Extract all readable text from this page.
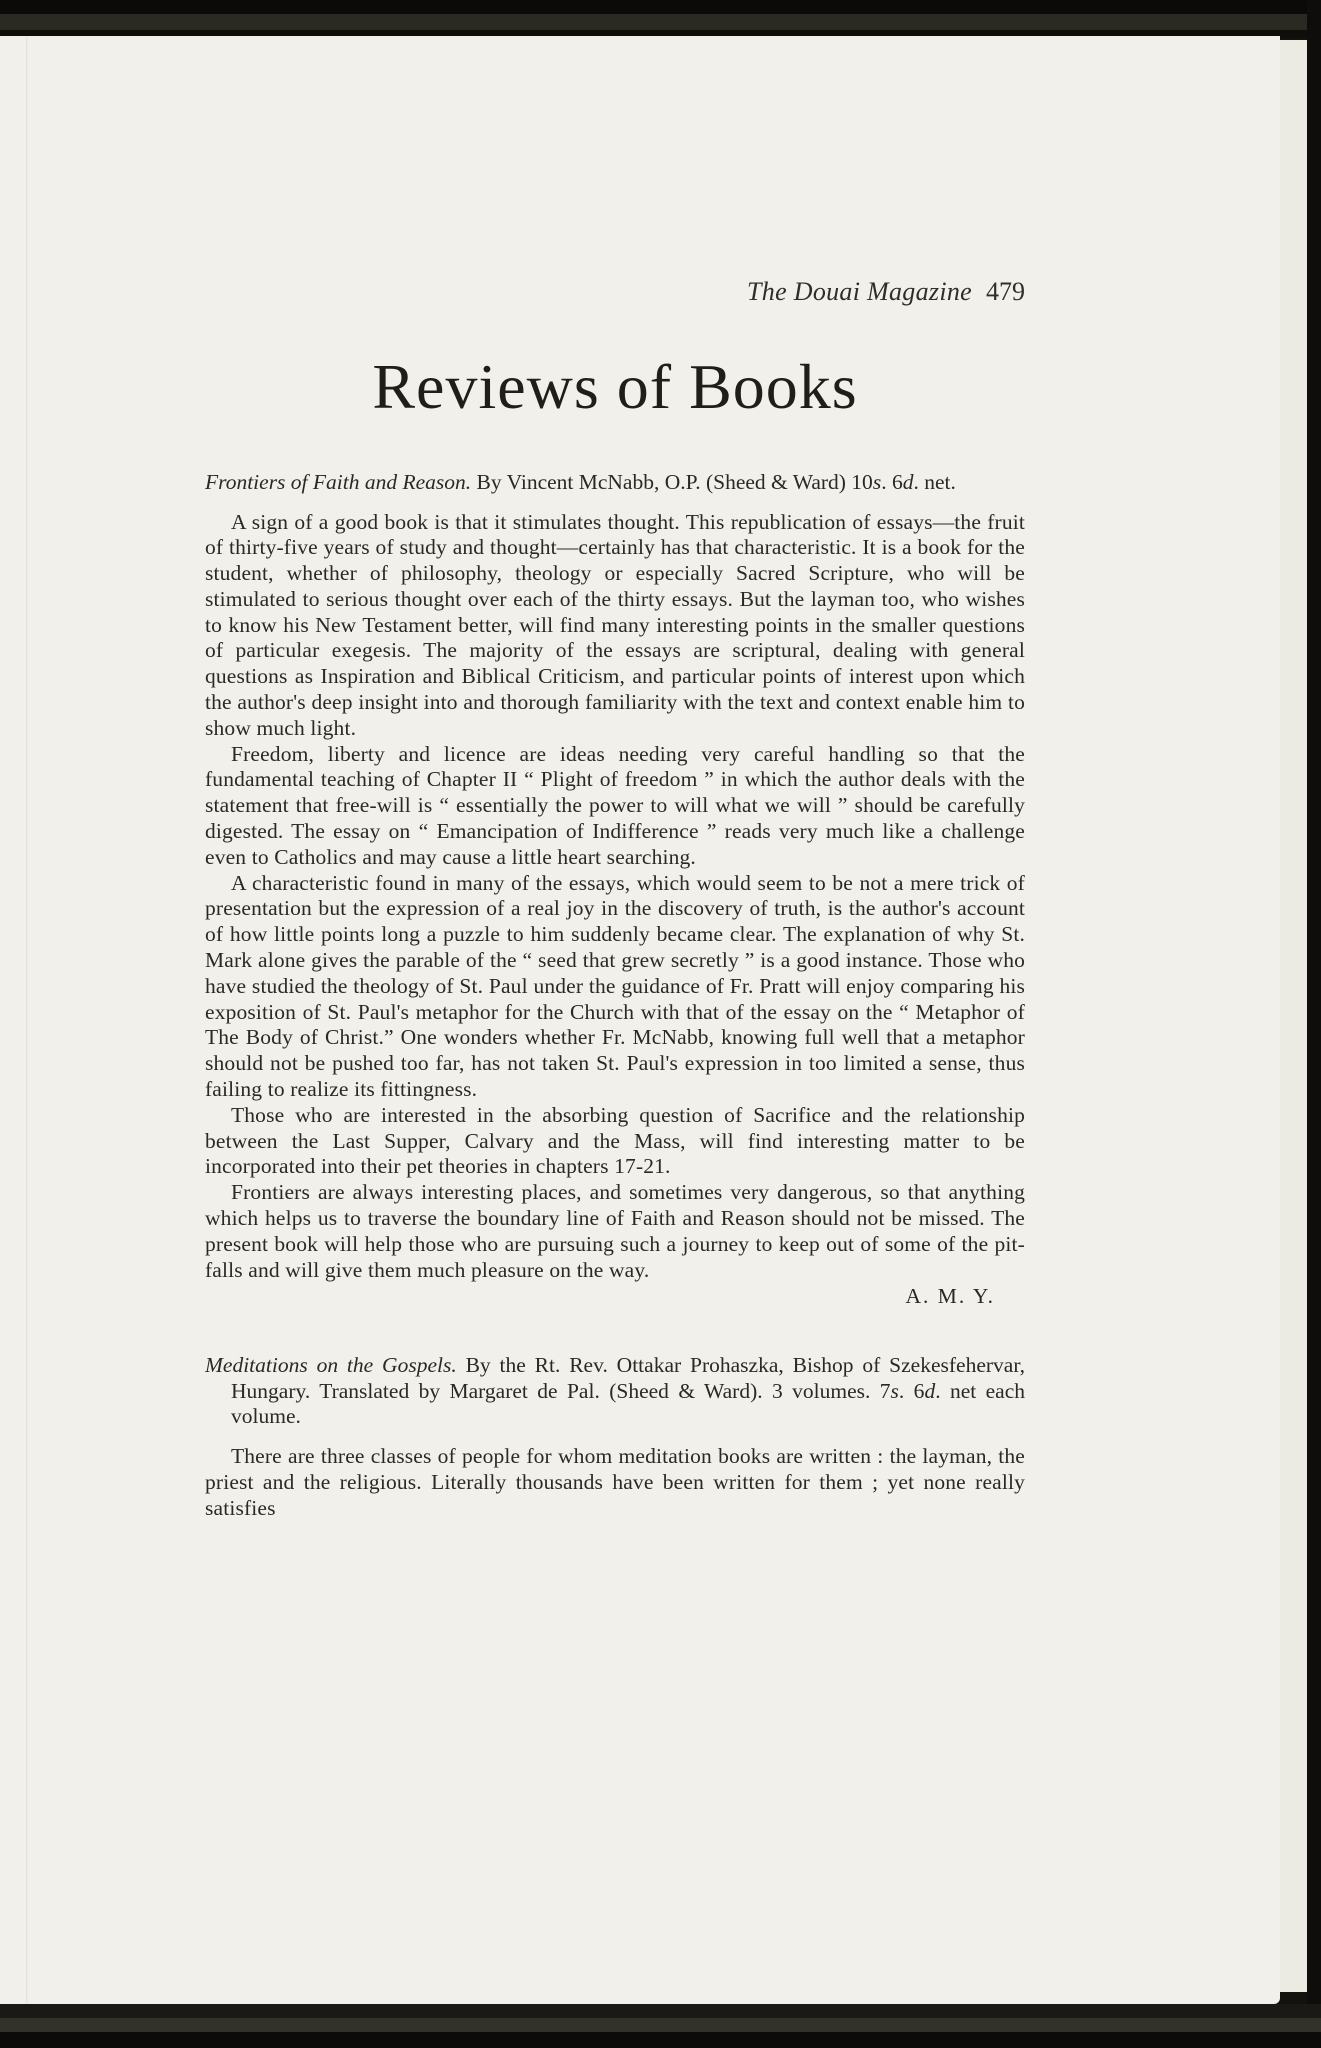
The Douai Magazine 479
Reviews of Books
Frontiers of Faith and Reason. By Vincent McNabb, O.P. (Sheed & Ward) 10s. 6d. net.

A sign of a good book is that it stimulates thought. This republication of essays—the fruit of thirty-five years of study and thought—certainly has that characteristic. It is a book for the student, whether of philosophy, theology or especially Sacred Scripture, who will be stimulated to serious thought over each of the thirty essays. But the layman too, who wishes to know his New Testament better, will find many interesting points in the smaller questions of particular exegesis. The majority of the essays are scriptural, dealing with general questions as Inspiration and Biblical Criticism, and particular points of interest upon which the author's deep insight into and thorough familiarity with the text and context enable him to show much light.

Freedom, liberty and licence are ideas needing very careful handling so that the fundamental teaching of Chapter II “ Plight of freedom ” in which the author deals with the statement that free-will is “ essentially the power to will what we will ” should be carefully digested. The essay on “ Emancipation of Indifference ” reads very much like a challenge even to Catholics and may cause a little heart searching.

A characteristic found in many of the essays, which would seem to be not a mere trick of presentation but the expression of a real joy in the discovery of truth, is the author's account of how little points long a puzzle to him suddenly became clear. The explanation of why St. Mark alone gives the parable of the “ seed that grew secretly ” is a good instance. Those who have studied the theology of St. Paul under the guidance of Fr. Pratt will enjoy comparing his exposition of St. Paul's metaphor for the Church with that of the essay on the “ Metaphor of The Body of Christ.” One wonders whether Fr. McNabb, knowing full well that a metaphor should not be pushed too far, has not taken St. Paul's expression in too limited a sense, thus failing to realize its fittingness.

Those who are interested in the absorbing question of Sacrifice and the relationship between the Last Supper, Calvary and the Mass, will find interesting matter to be incorporated into their pet theories in chapters 17-21.

Frontiers are always interesting places, and sometimes very dangerous, so that anything which helps us to traverse the boundary line of Faith and Reason should not be missed. The present book will help those who are pursuing such a journey to keep out of some of the pit-falls and will give them much pleasure on the way.

A. M. Y.
Meditations on the Gospels. By the Rt. Rev. Ottakar Prohaszka, Bishop of Szekesfehervar, Hungary. Translated by Margaret de Pal. (Sheed & Ward). 3 volumes. 7s. 6d. net each volume.

There are three classes of people for whom meditation books are written : the layman, the priest and the religious. Literally thousands have been written for them ; yet none really satisfies
